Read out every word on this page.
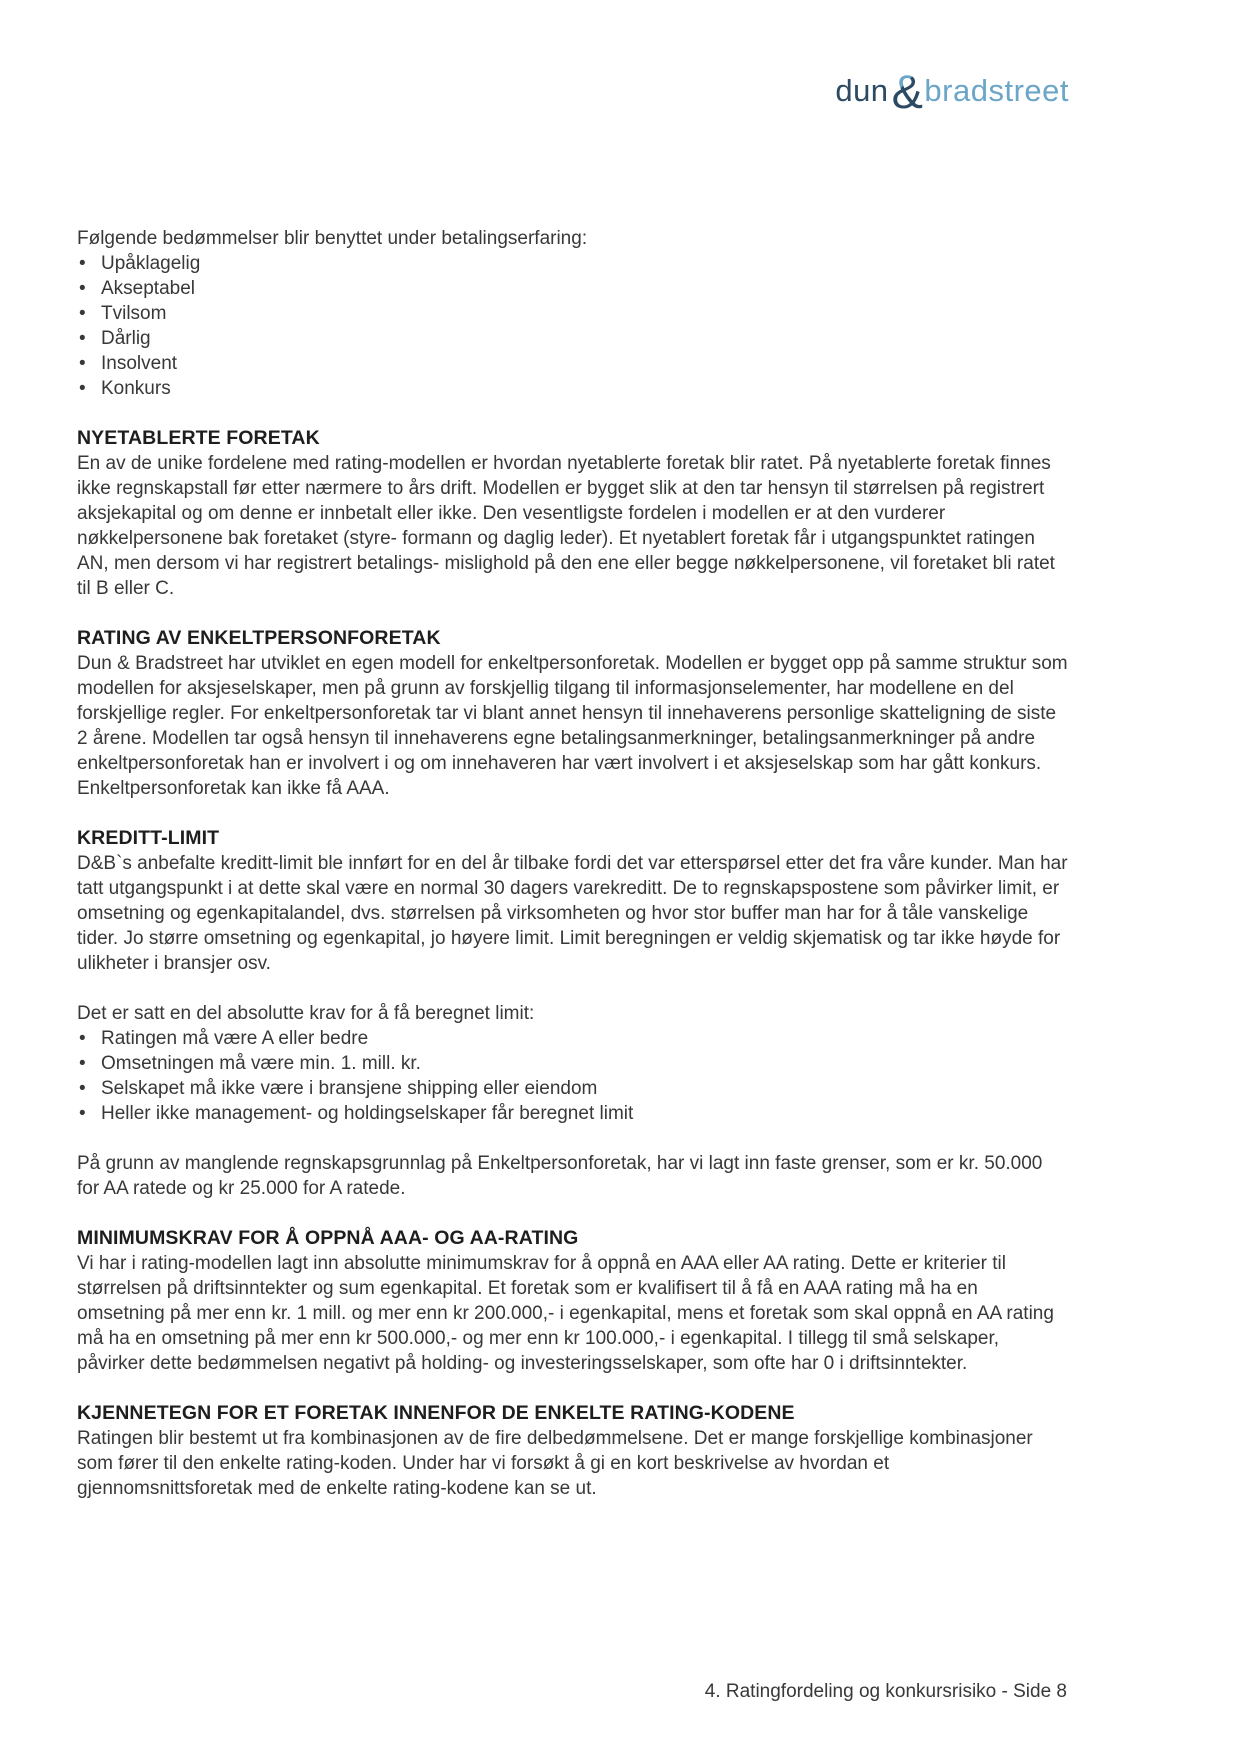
dun&bradstreet

Følgende bedømmelser blir benyttet under betalingserfaring:

• Upåklagelig
• Akseptabel
• Tvilsom
• Dårlig
• Insolvent
• Konkurs
NYETABLERTE FORETAK

En av de unike fordelene med rating-modellen er hvordan nyetablerte foretak blir ratet. På nyetablerte foretak finnes ikke regnskapstall før etter nærmere to års drift. Modellen er bygget slik at den tar hensyn til størrelsen på registrert aksjekapital og om denne er innbetalt eller ikke. Den vesentligste fordelen i modellen er at den vurderer nøkkelpersonene bak foretaket (styre- formann og daglig leder). Et nyetablert foretak får i utgangspunktet ratingen AN, men dersom vi har registrert betalings- mislighold på den ene eller begge nøkkelpersonene, vil foretaket bli ratet til B eller C.

RATING AV ENKELTPERSONFORETAK

Dun & Bradstreet har utviklet en egen modell for enkeltpersonforetak. Modellen er bygget opp på samme struktur som modellen for aksjeselskaper, men på grunn av forskjellig tilgang til informasjonselementer, har modellene en del forskjellige regler. For enkeltpersonforetak tar vi blant annet hensyn til innehaverens personlige skatteligning de siste 2 årene. Modellen tar også hensyn til innehaverens egne betalingsanmerkninger, betalingsanmerkninger på andre enkeltpersonforetak han er involvert i og om innehaveren har vært involvert i et aksjeselskap som har gått konkurs. Enkeltpersonforetak kan ikke få AAA.

KREDITT-LIMIT

D&B`s anbefalte kreditt-limit ble innført for en del år tilbake fordi det var etterspørsel etter det fra våre kunder. Man har tatt utgangspunkt i at dette skal være en normal 30 dagers varekreditt. De to regnskapspostene som påvirker limit, er omsetning og egenkapitalandel, dvs. størrelsen på virksomheten og hvor stor buffer man har for å tåle vanskelige tider. Jo større omsetning og egenkapital, jo høyere limit. Limit beregningen er veldig skjematisk og tar ikke høyde for ulikheter i bransjer osv.

Det er satt en del absolutte krav for å få beregnet limit:

• Ratingen må være A eller bedre
• Omsetningen må være min. 1. mill. kr.
• Selskapet må ikke være i bransjene shipping eller eiendom
• Heller ikke management- og holdingselskaper får beregnet limit

På grunn av manglende regnskapsgrunnlag på Enkeltpersonforetak, har vi lagt inn faste grenser, som er kr. 50.000 for AA ratede og kr 25.000 for A ratede.

MINIMUMSKRAV FOR Å OPPNÅ AAA- OG AA-RATING

Vi har i rating-modellen lagt inn absolutte minimumskrav for å oppnå en AAA eller AA rating. Dette er kriterier til størrelsen på driftsinntekter og sum egenkapital. Et foretak som er kvalifisert til å få en AAA rating må ha en omsetning på mer enn kr. 1 mill. og mer enn kr 200.000,- i egenkapital, mens et foretak som skal oppnå en AA rating må ha en omsetning på mer enn kr 500.000,- og mer enn kr 100.000,- i egenkapital. I tillegg til små selskaper, påvirker dette bedømmelsen negativt på holding- og investeringsselskaper, som ofte har 0 i driftsinntekter.

KJENNETEGN FOR ET FORETAK INNENFOR DE ENKELTE RATING-KODENE

Ratingen blir bestemt ut fra kombinasjonen av de fire delbedømmelsene. Det er mange forskjellige kombinasjoner som fører til den enkelte rating-koden. Under har vi forsøkt å gi en kort beskrivelse av hvordan et gjennomsnittsforetak med de enkelte rating-kodene kan se ut.

4. Ratingfordeling og konkursrisiko - Side 8
